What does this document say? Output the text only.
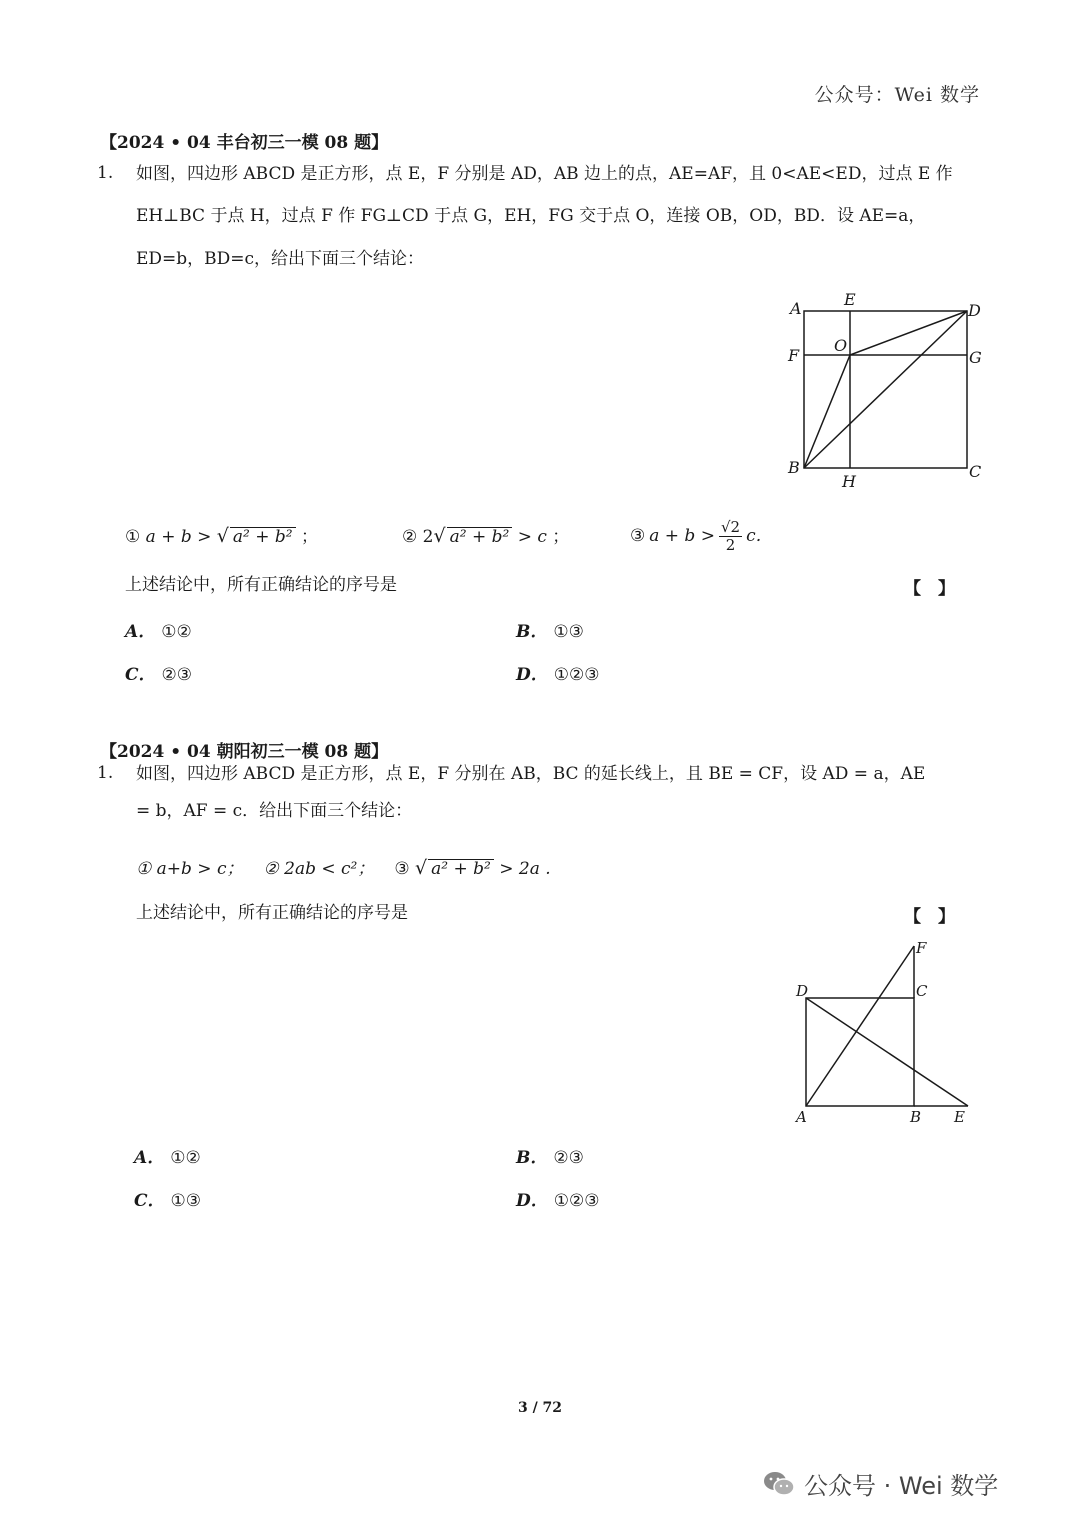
公众号：Wei 数学
【2024 • 04 丰台初三一模 08 题】
1. 如图，四边形 ABCD 是正方形，点 E，F 分别是 AD，AB 边上的点，AE=AF，且 0<AE<ED，过点 E 作
EH⊥BC 于点 H，过点 F 作 FG⊥CD 于点 G，EH，FG 交于点 O，连接 OB，OD，BD．设 AE=a，
ED=b，BD=c，给出下面三个结论：
A	E
D
F
O
G
B
H
C
① a + b > √ a² + b² ；	② 2√ a² + b² > c ；	③ $a + b > \frac{√2}{2}$ c．
上述结论中，所有正确结论的序号是	【　】
A． ①②	B． ①③
C． ②③	D． ①②③
【2024 • 04 朝阳初三一模 08 题】
1. 如图，四边形 ABCD 是正方形，点 E，F 分别在 AB，BC 的延长线上，且 BE = CF，设 AD = a，AE
= b，AF = c．给出下面三个结论：
① a+b > c； ② 2ab < c²； ③ √ a² + b² > 2a .
上述结论中，所有正确结论的序号是	【　】
F
D	C
A	B E
A． ①②	B． ②③
C． ①③	D． ①②③
3 / 72
公众号 · Wei 数学
